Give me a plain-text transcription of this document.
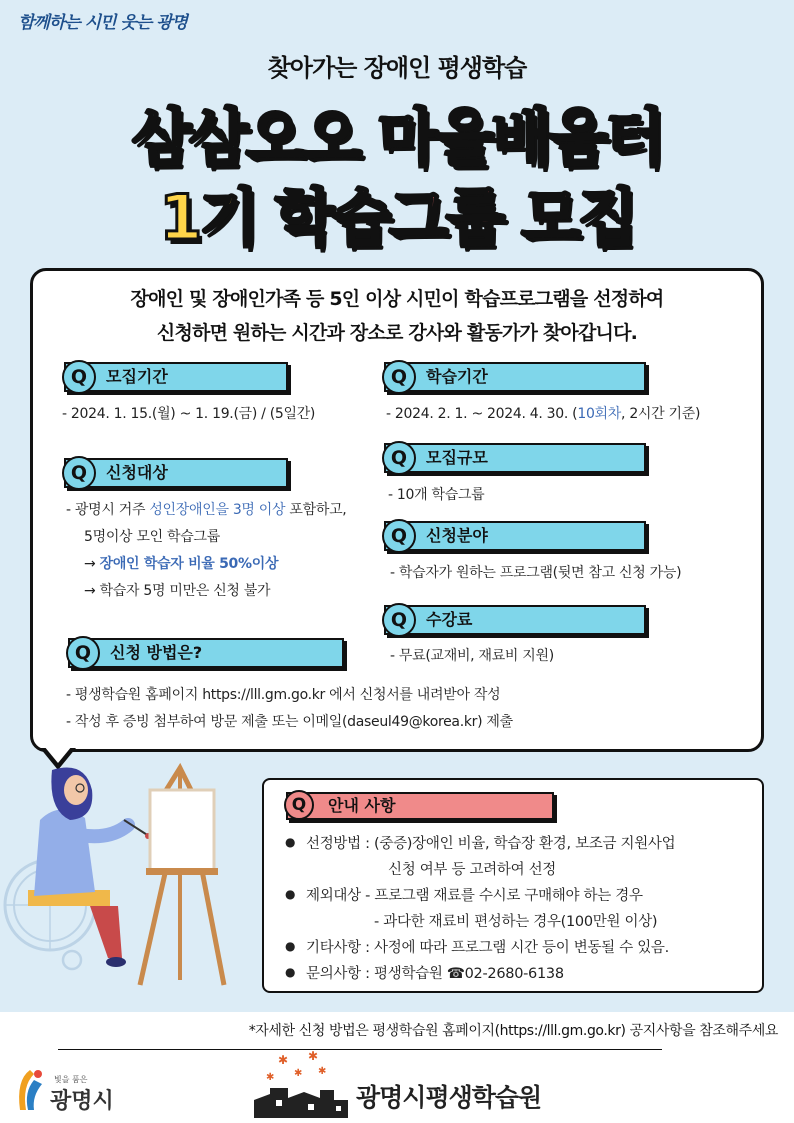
함께하는 시민 웃는 광명
찾아가는 장애인 평생학습
삼삼오오 마을배움터
1기 학습그룹 모집
장애인 및 장애인가족 등 5인 이상 시민이 학습프로그램을 선정하여
신청하면 원하는 시간과 장소로 강사와 활동가가 찾아갑니다.
모집기간
Q
- 2024. 1. 15.(월) ~ 1. 19.(금) / (5일간)
학습기간
Q
- 2024. 2. 1. ~ 2024. 4. 30. (10회차, 2시간 기준)
신청대상
Q
- 광명시 거주 성인장애인을 3명 이상 포함하고,
5명이상 모인 학습그룹
→ 장애인 학습자 비율 50%이상
→ 학습자 5명 미만은 신청 불가
모집규모
Q
- 10개 학습그룹
신청분야
Q
- 학습자가 원하는 프로그램(뒷면 참고 신청 가능)
수강료
Q
- 무료(교재비, 재료비 지원)
신청 방법은?
Q
- 평생학습원 홈페이지 https://lll.gm.go.kr 에서 신청서를 내려받아 작성
- 작성 후 증빙 첨부하여 방문 제출 또는 이메일(daseul49@korea.kr) 제출
안내 사항
Q
● 선정방법 : (중증)장애인 비율, 학습장 환경, 보조금 지원사업
신청 여부 등 고려하여 선정
● 제외대상 - 프로그램 재료를 수시로 구매해야 하는 경우
- 과다한 재료비 편성하는 경우(100만원 이상)
● 기타사항 : 사정에 따라 프로그램 시간 등이 변동될 수 있음.
● 문의사항 : 평생학습원 ☎02-2680-6138
*자세한 신청 방법은 평생학습원 홈페이지(https://lll.gm.go.kr) 공지사항을 참조해주세요
빛을 품은
광명시
✱
✱
✱
✱
✱
광명시평생학습원
